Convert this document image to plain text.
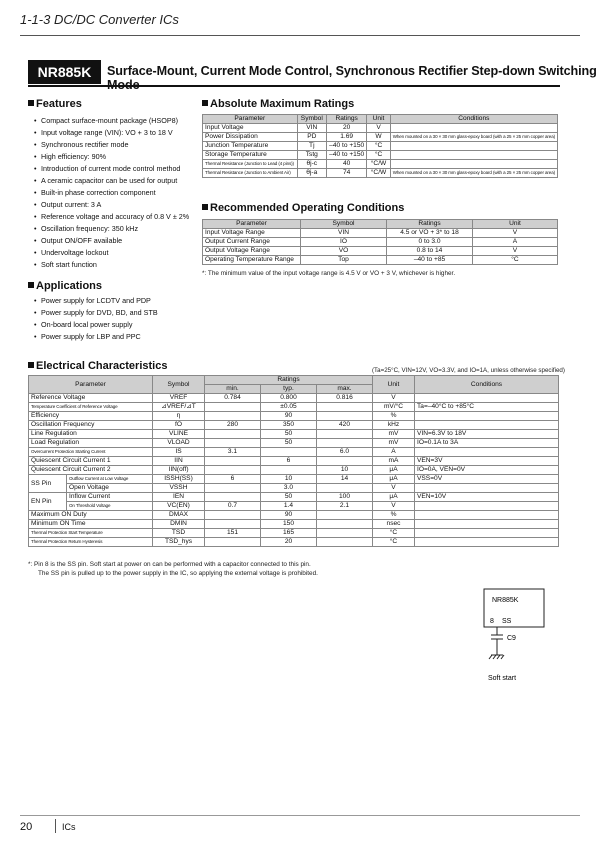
1-1-3 DC/DC Converter ICs
NR885K	Surface-Mount, Current Mode Control, Synchronous Rectifier Step-down Switching Mode
Features
• Compact surface-mount package (HSOP8)
• Input voltage range (VIN): VO + 3 to 18 V
• Synchronous rectifier mode
• High efficiency: 90%
• Introduction of current mode control method
• A ceramic capacitor can be used for output
• Built-in phase correction component
• Output current: 3 A
• Reference voltage and accuracy of 0.8 V ± 2%
• Oscillation frequency: 350 kHz
• Output ON/OFF available
• Undervoltage lockout
• Soft start function
Applications
• Power supply for LCDTV and PDP
• Power supply for DVD, BD, and STB
• On-board local power supply
• Power supply for LBP and PPC
Absolute Maximum Ratings
Parameter	Symbol	Ratings	Unit	Conditions
Input Voltage	VIN	20	V	
Power Dissipation	PD	1.69	W	When mounted on a 30 × 30 mm glass-epoxy board (with a 25 × 25 mm copper area)
Junction Temperature	Tj	–40 to +150	°C	
Storage Temperature	Tstg	–40 to +150	°C	
Thermal Resistance (Junction to Lead (4 pins))	θj-c	40	°C/W	
Thermal Resistance (Junction to Ambient Air)	θj-a	74	°C/W	When mounted on a 30 × 30 mm glass-epoxy board (with a 25 × 25 mm copper area)
Recommended Operating Conditions
Parameter	Symbol	Ratings	Unit
Input Voltage Range	VIN	4.5 or VO + 3* to 18	V
Output Current Range	IO	0 to 3.0	A
Output Voltage Range	VO	0.8 to 14	V
Operating Temperature Range	Top	–40 to +85	°C
*: The minimum value of the input voltage range is 4.5 V or VO + 3 V, whichever is higher.
Electrical Characteristics	(Ta=25°C, VIN=12V, VO=3.3V, and IO=1A, unless otherwise specified)
Parameter		Symbol	Ratings			Unit	Conditions
			min.	typ.	max.		
Reference Voltage		VREF	0.784	0.800	0.816	V	
Temperature Coefficient of Reference Voltage		⊿VREF/⊿T		±0.05		mV/°C	Ta=–40°C to +85°C
Efficiency		η		90		%	
Oscillation Frequency		fO	280	350	420	kHz	
Line Regulation		VLINE		50		mV	VIN=6.3V to 18V
Load Regulation		VLOAD		50		mV	IO=0.1A to 3A
Overcurrent Protection Starting Current		IS	3.1		6.0	A	
Quiescent Circuit Current 1		IIN		6		mA	VEN=3V
Quiescent Circuit Current 2		IIN(off)			10	μA	IO=0A, VEN=0V
SS Pin	Outflow Current at Low Voltage	ISSH(SS)	6	10	14	μA	VSS=0V
	Open Voltage	VSSH		3.0		V	
EN Pin	Inflow Current	IEN		50	100	μA	VEN=10V
	On Threshold Voltage	VC(EN)	0.7	1.4	2.1	V	
Maximum ON Duty		DMAX		90		%	
Minimum ON Time		DMIN		150		nsec	
Thermal Protection Start Temperature		TSD	151	165		°C	
Thermal Protection Return Hysteresis		TSD_hys		20		°C	
*: Pin 8 is the SS pin. Soft start at power on can be performed with a capacitor connected to this pin.
The SS pin is pulled up to the power supply in the IC, so applying the external voltage is prohibited.
NR885K
8 SS
C9
Soft start
20	ICs
